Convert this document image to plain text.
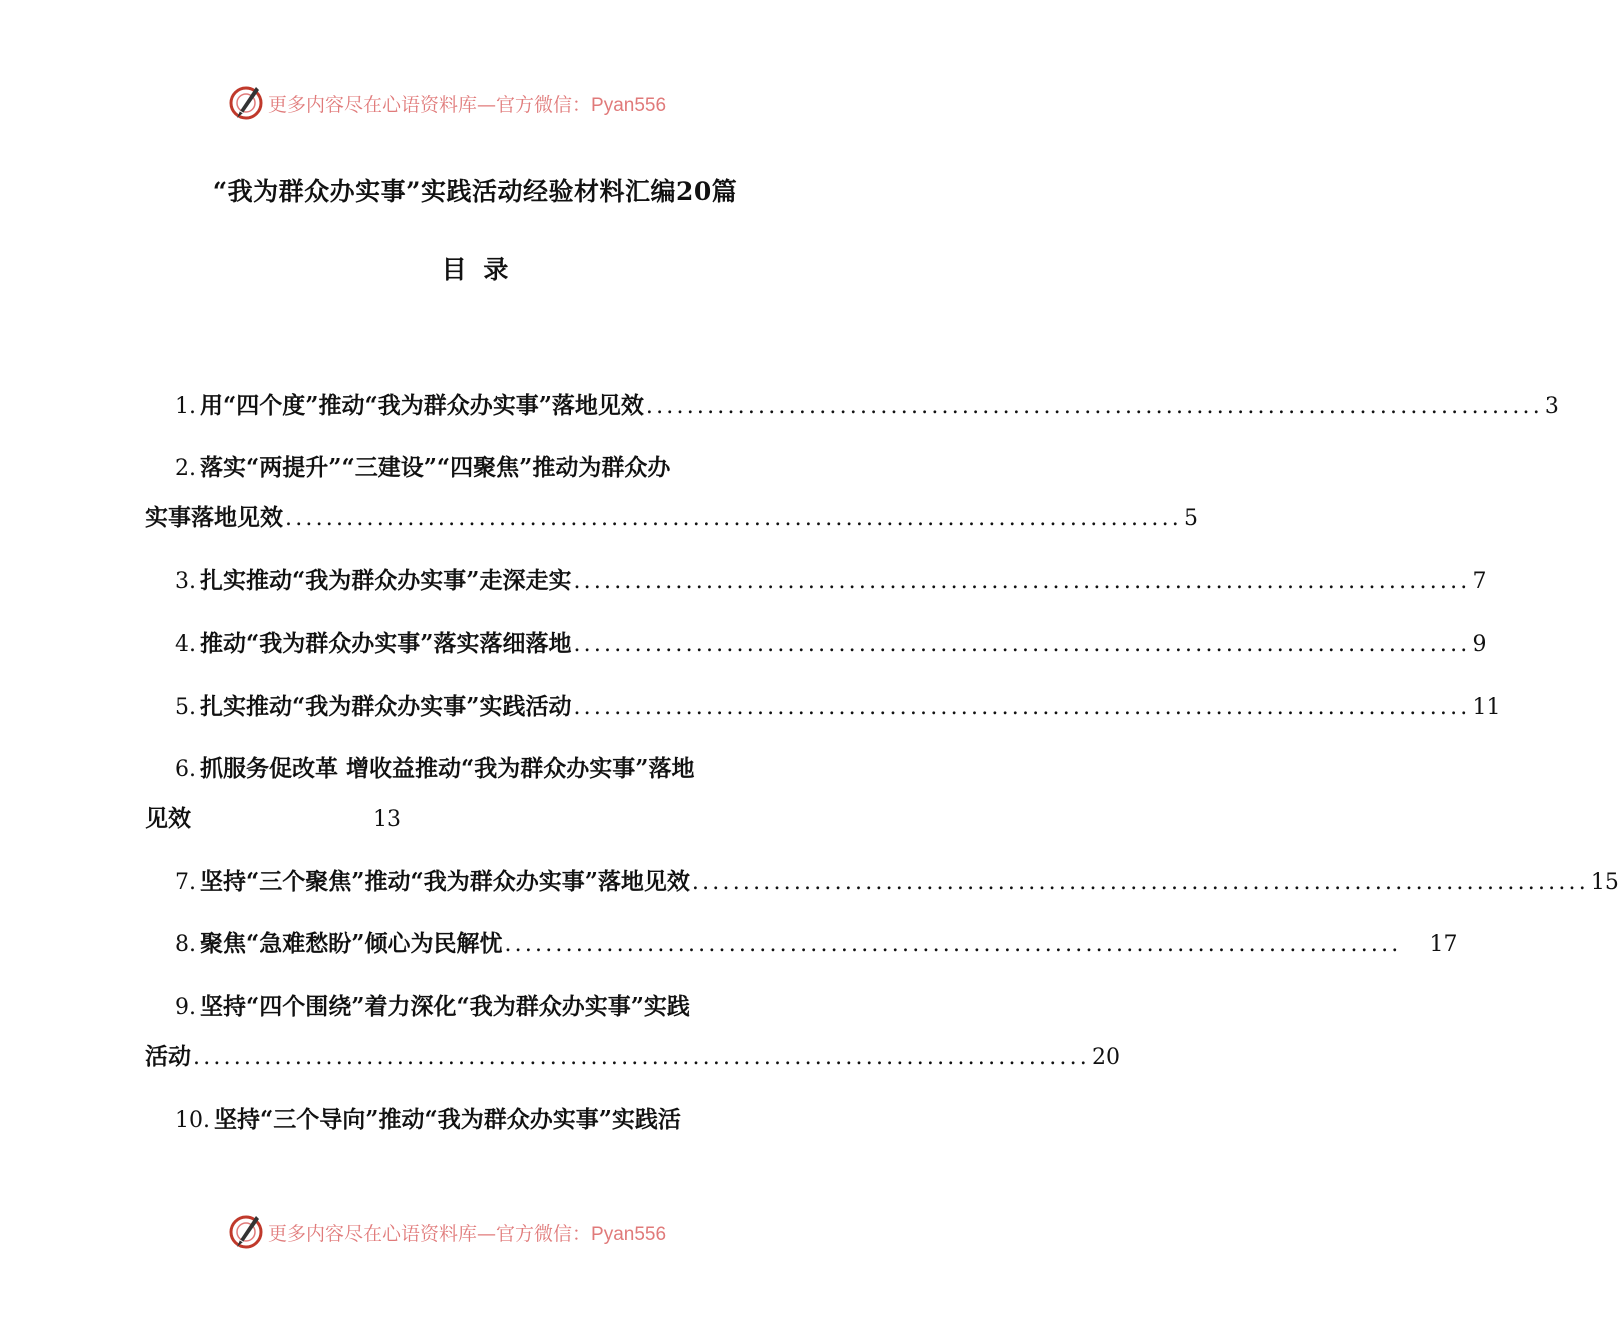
更多内容尽在心语资料库—官方微信：Pyan556
“我为群众办实事”实践活动经验材料汇编20篇
目 录
1. 用“四个度”推动“我为群众办实事”落地见效 ........................................................................................ 3
2. 落实“两提升”“三建设”“四聚焦”推动为群众办
实事落地见效 ........................................................................................ 5
3. 扎实推动“我为群众办实事”走深走实 ........................................................................................ 7
4. 推动“我为群众办实事”落实落细落地 ........................................................................................ 9
5. 扎实推动“我为群众办实事”实践活动 ........................................................................................ 11
6. 抓服务促改革 增收益推动“我为群众办实事”落地
见效	13
7. 坚持“三个聚焦”推动“我为群众办实事”落地见效 ........................................................................................ 15
8. 聚焦“急难愁盼” 倾心为民解忧 ........................................................................................ 17
9. 坚持“四个围绕”着力深化“我为群众办实事”实践
活动 ........................................................................................ 20
10. 坚持“三个导向”推动“我为群众办实事”实践活
更多内容尽在心语资料库—官方微信：Pyan556
